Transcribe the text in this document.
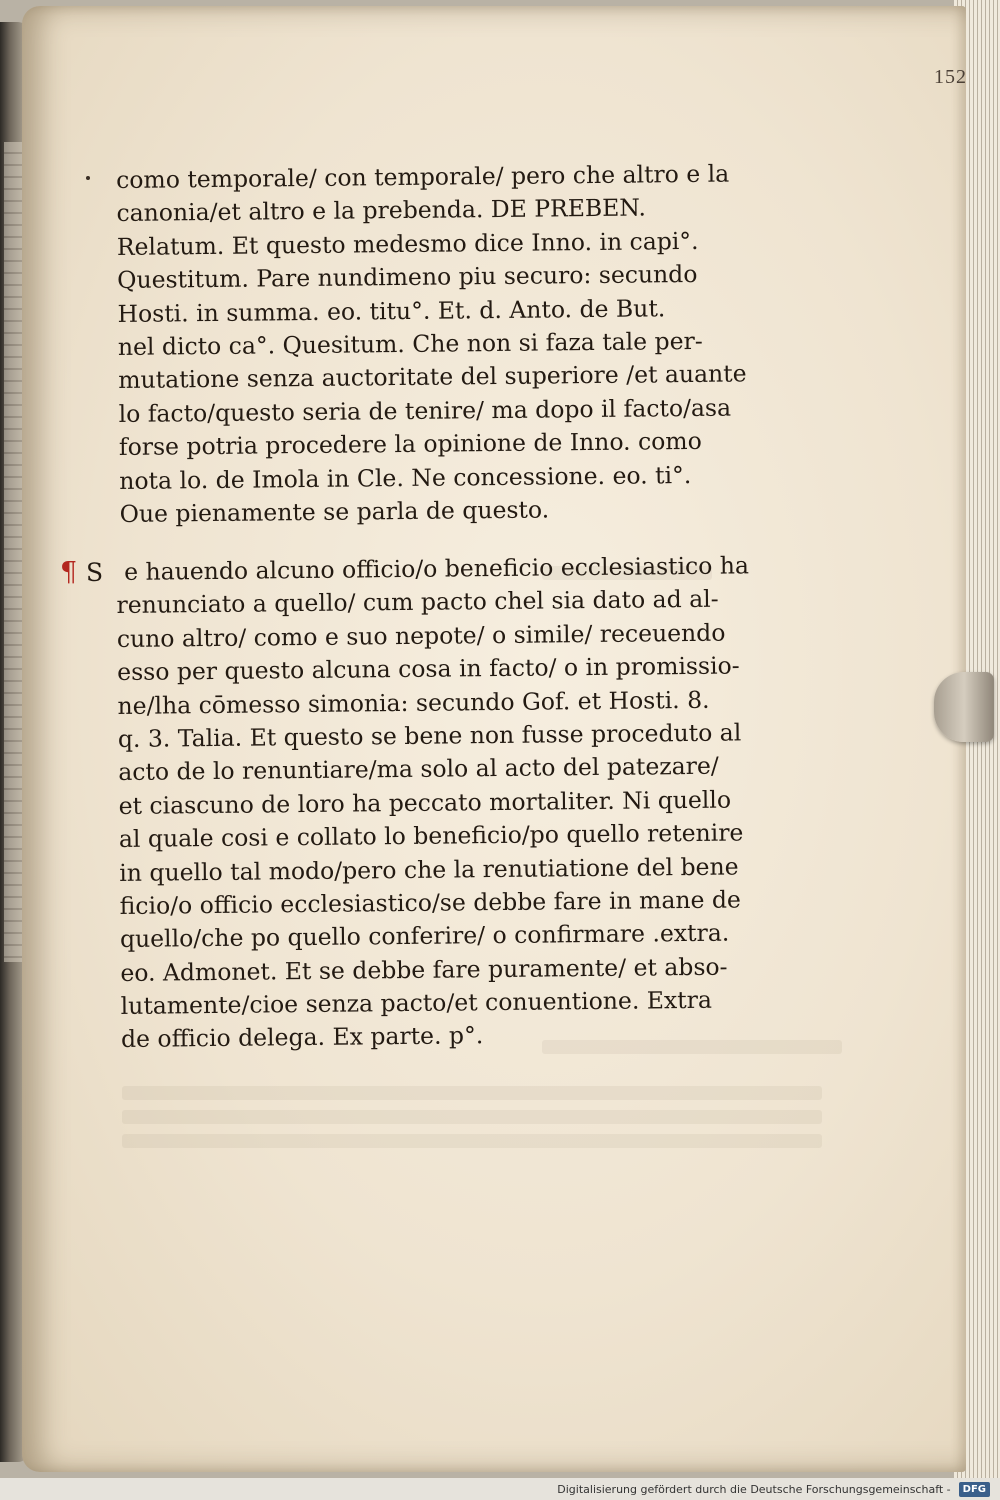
152
como temporale/ con temporale/ pero che altro e la
canonia/et altro e la prebenda. DE PREBEN.
Relatum. Et questo medesmo dice Inno. in capi°.
Questitum. Pare nundimeno piu securo: secundo
Hosti. in summa. eo. titu°. Et. d. Anto. de But.
nel dicto ca°. Quesitum. Che non si faza tale per-
mutatione senza auctoritate del superiore /et auante
lo facto/questo seria de tenire/ ma dopo il facto/asa
forse potria procedere la opinione de Inno. como
nota lo. de Imola in Cle. Ne concessione. eo. ti°.
Oue pienamente se parla de questo.
¶ S e hauendo alcuno officio/o beneficio ecclesiastico ha
renunciato a quello/ cum pacto chel sia dato ad al-
cuno altro/ como e suo nepote/ o simile/ receuendo
esso per questo alcuna cosa in facto/ o in promissio-
ne/lha cōmesso simonia: secundo Gof. et Hosti. 8.
q. 3. Talia. Et questo se bene non fusse proceduto al
acto de lo renuntiare/ma solo al acto del patezare/
et ciascuno de loro ha peccato mortaliter. Ni quello
al quale cosi e collato lo beneficio/po quello retenire
in quello tal modo/pero che la renutiatione del bene
ficio/o officio ecclesiastico/se debbe fare in mane de
quello/che po quello conferire/ o confirmare .extra.
eo. Admonet. Et se debbe fare puramente/ et abso-
lutamente/cioe senza pacto/et conuentione. Extra
de officio delega. Ex parte. p°.
Digitalisierung gefördert durch die Deutsche Forschungsgemeinschaft -	DFG
